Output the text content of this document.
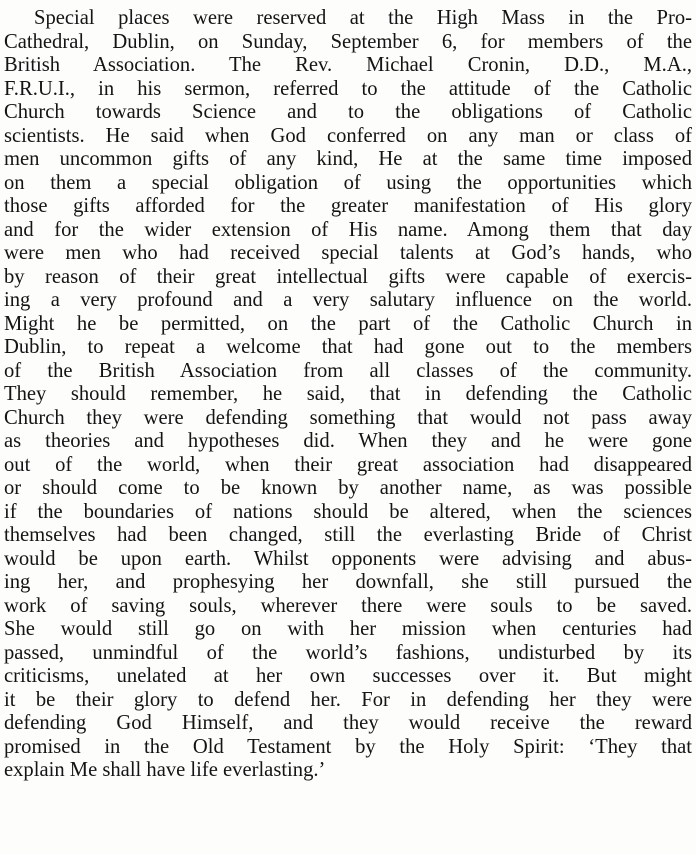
Special places were reserved at the High Mass in the Pro-
Cathedral, Dublin, on Sunday, September 6, for members of the
British Association. The Rev. Michael Cronin, D.D., M.A.,
F.R.U.I., in his sermon, referred to the attitude of the Catholic
Church towards Science and to the obligations of Catholic
scientists. He said when God conferred on any man or class of
men uncommon gifts of any kind, He at the same time imposed
on them a special obligation of using the opportunities which
those gifts afforded for the greater manifestation of His glory
and for the wider extension of His name. Among them that day
were men who had received special talents at God’s hands, who
by reason of their great intellectual gifts were capable of exercis-
ing a very profound and a very salutary influence on the world.
Might he be permitted, on the part of the Catholic Church in
Dublin, to repeat a welcome that had gone out to the members
of the British Association from all classes of the community.
They should remember, he said, that in defending the Catholic
Church they were defending something that would not pass away
as theories and hypotheses did. When they and he were gone
out of the world, when their great association had disappeared
or should come to be known by another name, as was possible
if the boundaries of nations should be altered, when the sciences
themselves had been changed, still the everlasting Bride of Christ
would be upon earth. Whilst opponents were advising and abus-
ing her, and prophesying her downfall, she still pursued the
work of saving souls, wherever there were souls to be saved.
She would still go on with her mission when centuries had
passed, unmindful of the world’s fashions, undisturbed by its
criticisms, unelated at her own successes over it. But might
it be their glory to defend her. For in defending her they were
defending God Himself, and they would receive the reward
promised in the Old Testament by the Holy Spirit: ‘They that
explain Me shall have life everlasting.’
